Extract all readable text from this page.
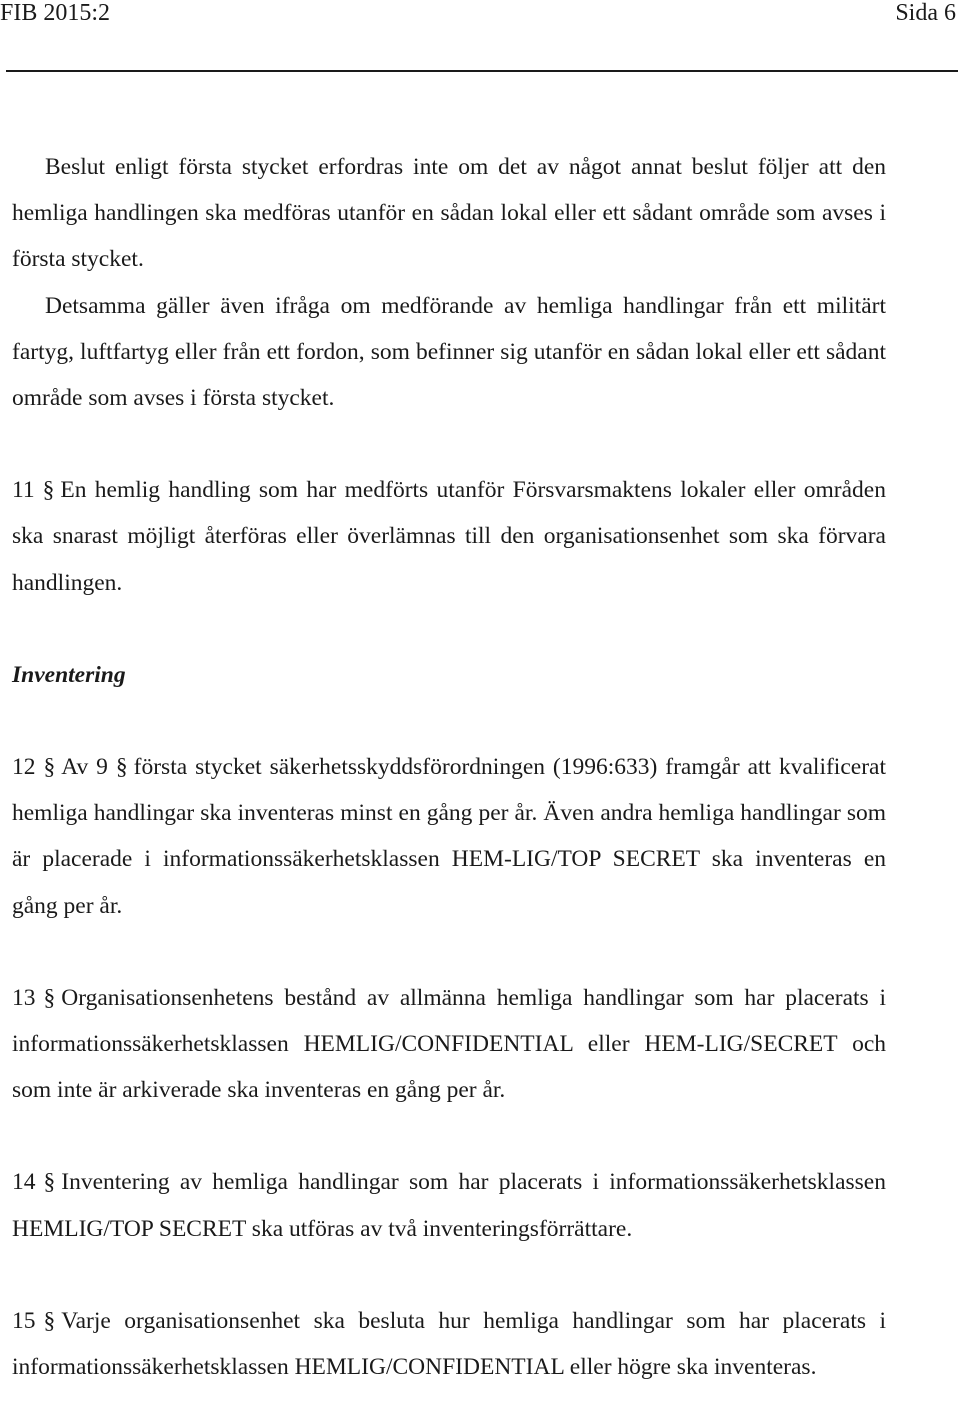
FIB 2015:2	Sida 6

Beslut enligt första stycket erfordras inte om det av något annat beslut följer att den hemliga handlingen ska medföras utanför en sådan lokal eller ett sådant område som avses i första stycket.

Detsamma gäller även ifråga om medförande av hemliga handlingar från ett militärt fartyg, luftfartyg eller från ett fordon, som befinner sig utanför en sådan lokal eller ett sådant område som avses i första stycket.

11 § En hemlig handling som har medförts utanför Försvarsmaktens lokaler eller områden ska snarast möjligt återföras eller överlämnas till den organisationsenhet som ska förvara handlingen.

Inventering

12 § Av 9 § första stycket säkerhetsskyddsförordningen (1996:633) framgår att kvalificerat hemliga handlingar ska inventeras minst en gång per år. Även andra hemliga handlingar som är placerade i informationssäkerhetsklassen HEM-LIG/TOP SECRET ska inventeras en gång per år.

13 § Organisationsenhetens bestånd av allmänna hemliga handlingar som har placerats i informationssäkerhetsklassen HEMLIG/CONFIDENTIAL eller HEM-LIG/SECRET och som inte är arkiverade ska inventeras en gång per år.

14 § Inventering av hemliga handlingar som har placerats i informationssäkerhetsklassen HEMLIG/TOP SECRET ska utföras av två inventeringsförrättare.

15 § Varje organisationsenhet ska besluta hur hemliga handlingar som har placerats i informationssäkerhetsklassen HEMLIG/CONFIDENTIAL eller högre ska inventeras.
